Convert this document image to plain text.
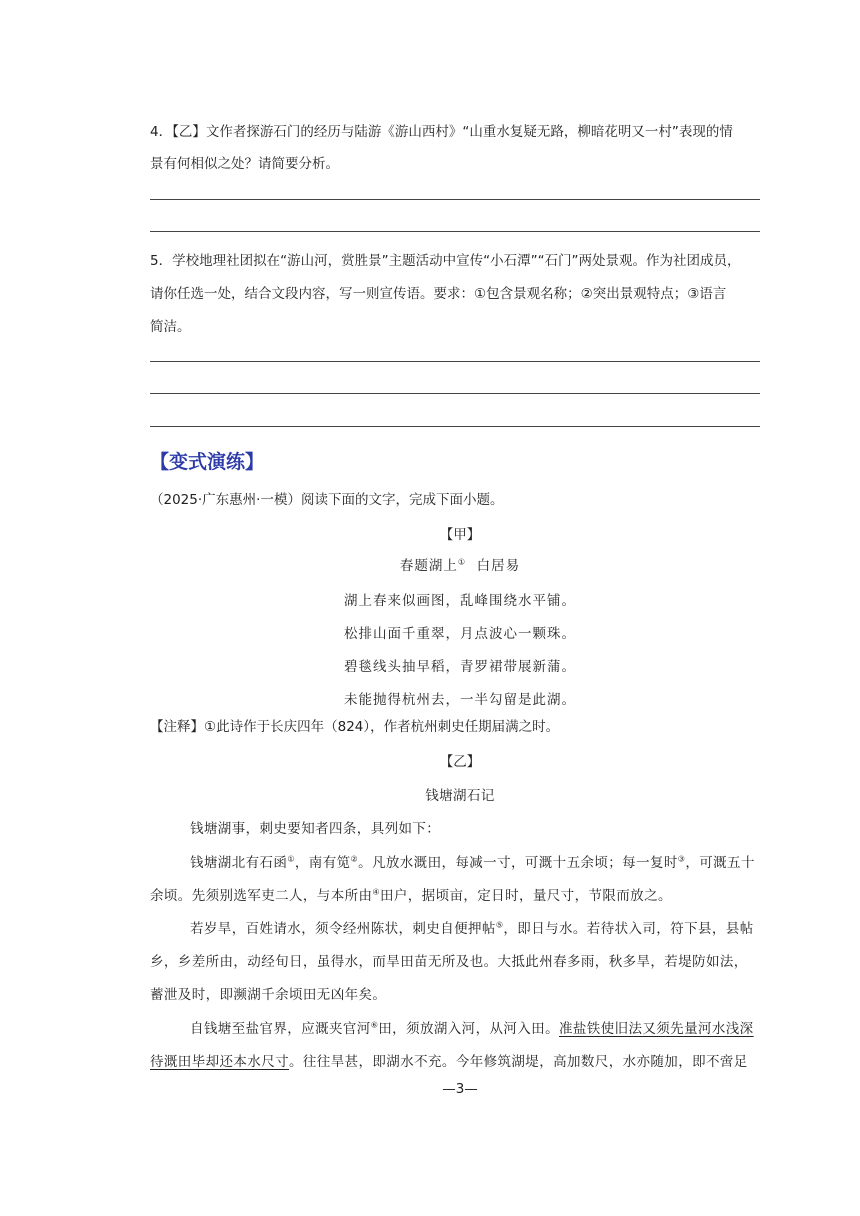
4．【乙】文作者探游石门的经历与陆游《游山西村》“山重水复疑无路，柳暗花明又一村”表现的情
景有何相似之处？请简要分析。
5．学校地理社团拟在“游山河，赏胜景”主题活动中宣传“小石潭”“石门”两处景观。作为社团成员，
请你任选一处，结合文段内容，写一则宣传语。要求：①包含景观名称；②突出景观特点；③语言
简洁。
【变式演练】
（2025·广东惠州·一模）阅读下面的文字，完成下面小题。
【甲】
春题湖上① 白居易
湖上春来似画图，乱峰围绕水平铺。
松排山面千重翠，月点波心一颗珠。
碧毯线头抽早稻，青罗裙带展新蒲。
未能抛得杭州去，一半勾留是此湖。
【注释】①此诗作于长庆四年（824），作者杭州刺史任期届满之时。
【乙】
钱塘湖石记
钱塘湖事，刺史要知者四条，具列如下：
钱塘湖北有石函①，南有笕②。凡放水溉田，每减一寸，可溉十五余顷；每一复时③，可溉五十
余顷。先须别选军吏二人，与本所由④田户，据顷亩，定日时，量尺寸，节限而放之。
若岁旱，百姓请水，须令经州陈状，刺史自便押帖⑤，即日与水。若待状入司，符下县，县帖
乡，乡差所由，动经旬日，虽得水，而旱田苗无所及也。大抵此州春多雨，秋多旱，若堤防如法，
蓄泄及时，即濒湖千余顷田无凶年矣。
自钱塘至盐官界，应溉夹官河⑥田，须放湖入河，从河入田。准盐铁使旧法又须先量河水浅深
待溉田毕却还本水尺寸。往往旱甚，即湖水不充。今年修筑湖堤，高加数尺，水亦随加，即不啻足
—3—
